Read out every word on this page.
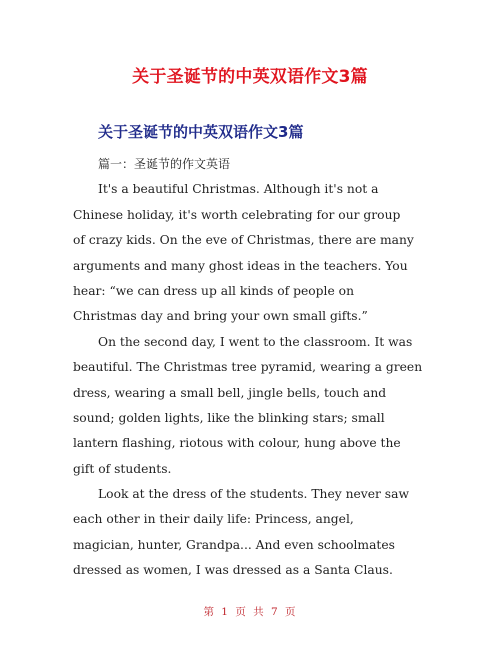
关于圣诞节的中英双语作文3篇
关于圣诞节的中英双语作文3篇
篇一：圣诞节的作文英语
It's a beautiful Christmas. Although it's not a
Chinese holiday, it's worth celebrating for our group
of crazy kids. On the eve of Christmas, there are many
arguments and many ghost ideas in the teachers. You
hear: “we can dress up all kinds of people on
Christmas day and bring your own small gifts.”
On the second day, I went to the classroom. It was
beautiful. The Christmas tree pyramid, wearing a green
dress, wearing a small bell, jingle bells, touch and
sound; golden lights, like the blinking stars; small
lantern flashing, riotous with colour, hung above the
gift of students.
Look at the dress of the students. They never saw
each other in their daily life: Princess, angel,
magician, hunter, Grandpa... And even schoolmates
dressed as women, I was dressed as a Santa Claus.
第 1 页 共 7 页
